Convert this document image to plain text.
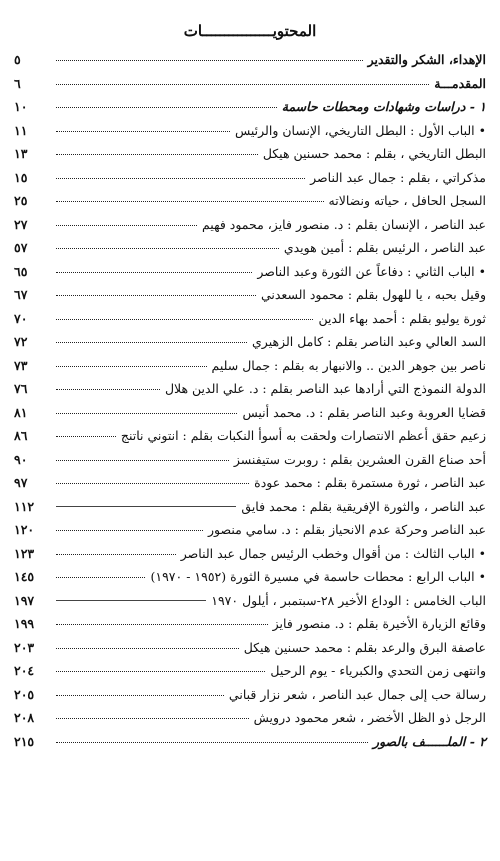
المحتويــــــــــــــــات
الإهداء، الشكر والتقدير
٥
المقدمـــة
٦
١ - دراسات وشهادات ومحطات حاسمة
١٠
• الباب الأول : البطل التاريخي، الإنسان والرئيس
١١
البطل التاريخي ، بقلم : محمد حسنين هيكل
١٣
مذكراتي ، بقلم : جمال عبد الناصر
١٥
السجل الحافل ، حياته ونضالاته
٢٥
عبد الناصر ، الإنسان بقلم : د. منصور فايز، محمود فهيم
٢٧
عبد الناصر ، الرئيس بقلم : أمين هويدي
٥٧
• الباب الثاني : دفاعاً عن الثورة وعبد الناصر
٦٥
وقيل بحبه ، يا للهول بقلم : محمود السعدني
٦٧
ثورة يوليو بقلم : أحمد بهاء الدين
٧٠
السد العالي وعبد الناصر بقلم : كامل الزهيري
٧٢
ناصر بين جوهر الدين .. والانبهار به بقلم : جمال سليم
٧٣
الدولة النموذج التي أرادها عبد الناصر بقلم : د. علي الدين هلال
٧٦
قضايا العروبة وعبد الناصر بقلم : د. محمد أنيس
٨١
زعيم حقق أعظم الانتصارات ولحقت به أسوأ النكبات بقلم : انتوني ناتنج
٨٦
أحد صناع القرن العشرين بقلم : روبرت ستيفنسز
٩٠
عبد الناصر ، ثورة مستمرة بقلم : محمد عودة
٩٧
عبد الناصر ، والثورة الإفريقية بقلم : محمد فايق
١١٢
عبد الناصر وحركة عدم الانحياز بقلم : د. سامي منصور
١٢٠
• الباب الثالث : من أقوال وخطب الرئيس جمال عبد الناصر
١٢٣
• الباب الرابع : محطات حاسمة في مسيرة الثورة (١٩٥٢ - ١٩٧٠)
١٤٥
الباب الخامس : الوداع الأخير ٢٨-سبتمبر ، أيلول ١٩٧٠
١٩٧
وقائع الزيارة الأخيرة بقلم : د. منصور فايز
١٩٩
عاصفة البرق والرعد بقلم : محمد حسنين هيكل
٢٠٣
وانتهى زمن التحدي والكبرياء - يوم الرحيل
٢٠٤
رسالة حب إلى جمال عبد الناصر ، شعر نزار قباني
٢٠٥
الرجل ذو الظل الأخضر ، شعر محمود درويش
٢٠٨
٢ - الملــــــف بالصور
٢١٥
